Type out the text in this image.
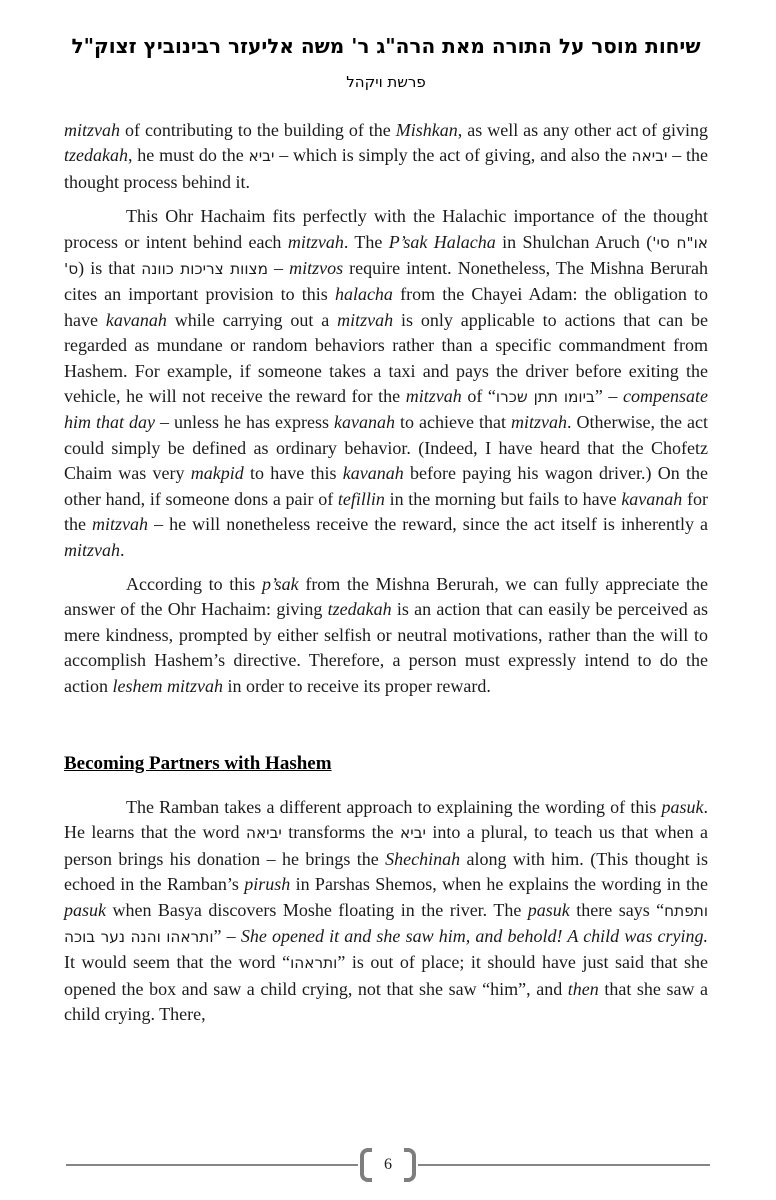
שיחות מוסר על התורה מאת הרה"ג ר' משה אליעזר רבינוביץ זצוק"ל
פרשת ויקהל

mitzvah of contributing to the building of the Mishkan, as well as any other act of giving tzedakah, he must do the יביא – which is simply the act of giving, and also the יביאה – the thought process behind it.

This Ohr Hachaim fits perfectly with the Halachic importance of the thought process or intent behind each mitzvah. The P’sak Halacha in Shulchan Aruch (או"ח סי' ס') is that מצוות צריכות כוונה – mitzvos require intent. Nonetheless, The Mishna Berurah cites an important provision to this halacha from the Chayei Adam: the obligation to have kavanah while carrying out a mitzvah is only applicable to actions that can be regarded as mundane or random behaviors rather than a specific commandment from Hashem. For example, if someone takes a taxi and pays the driver before exiting the vehicle, he will not receive the reward for the mitzvah of “ביומו תתן שכרו” – compensate him that day – unless he has express kavanah to achieve that mitzvah. Otherwise, the act could simply be defined as ordinary behavior. (Indeed, I have heard that the Chofetz Chaim was very makpid to have this kavanah before paying his wagon driver.) On the other hand, if someone dons a pair of tefillin in the morning but fails to have kavanah for the mitzvah – he will nonetheless receive the reward, since the act itself is inherently a mitzvah.

According to this p’sak from the Mishna Berurah, we can fully appreciate the answer of the Ohr Hachaim: giving tzedakah is an action that can easily be perceived as mere kindness, prompted by either selfish or neutral motivations, rather than the will to accomplish Hashem’s directive. Therefore, a person must expressly intend to do the action leshem mitzvah in order to receive its proper reward.

Becoming Partners with Hashem

The Ramban takes a different approach to explaining the wording of this pasuk. He learns that the word יביאה transforms the יביא into a plural, to teach us that when a person brings his donation – he brings the Shechinah along with him. (This thought is echoed in the Ramban’s pirush in Parshas Shemos, when he explains the wording in the pasuk when Basya discovers Moshe floating in the river. The pasuk there says “ותפתח ותראהו והנה נער בוכה” – She opened it and she saw him, and behold! A child was crying. It would seem that the word “ותראהו” is out of place; it should have just said that she opened the box and saw a child crying, not that she saw “him”, and then that she saw a child crying. There,

6
